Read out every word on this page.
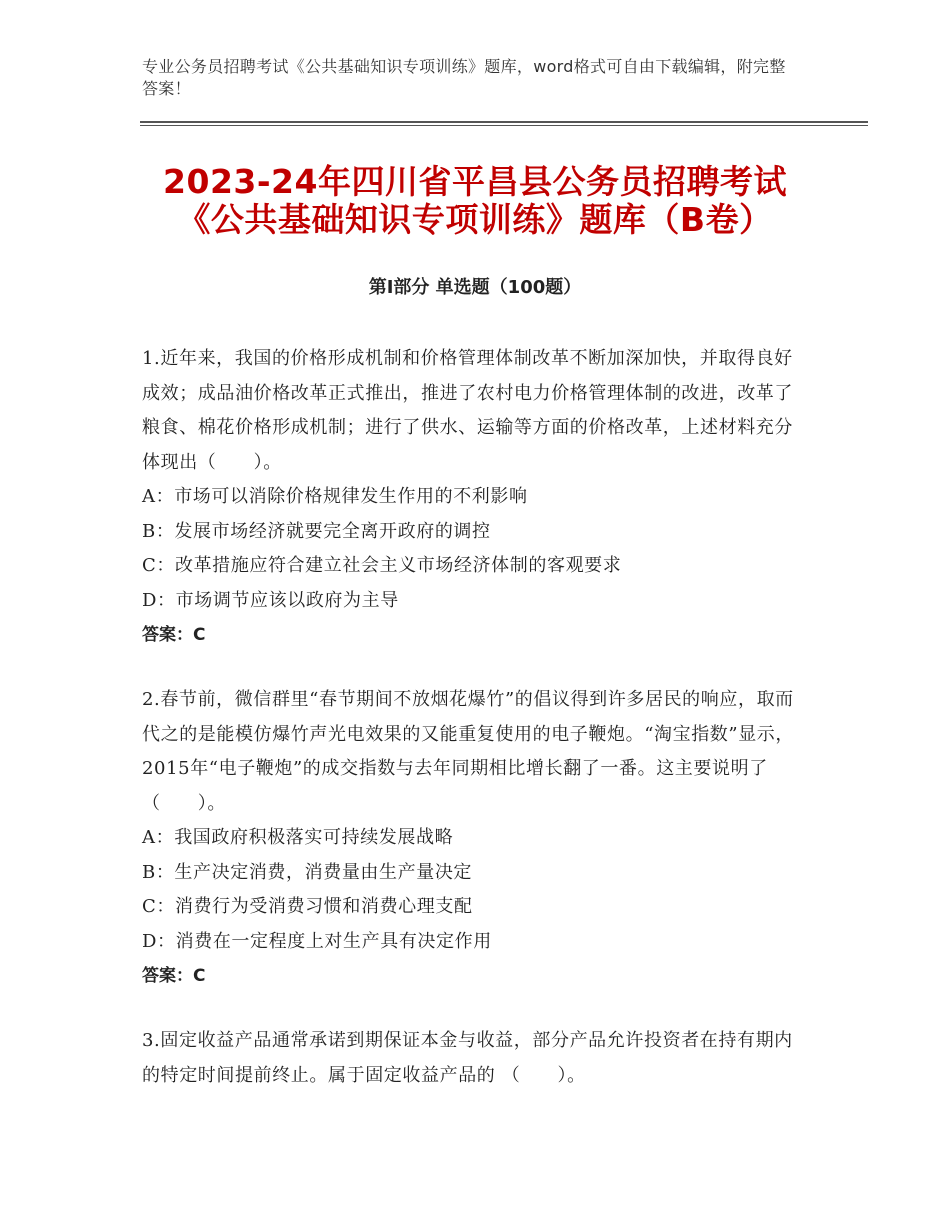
专业公务员招聘考试《公共基础知识专项训练》题库，word格式可自由下载编辑，附完整答案！
2023-24年四川省平昌县公务员招聘考试
《公共基础知识专项训练》题库（B卷）
第Ⅰ部分 单选题（100题）

1.近年来，我国的价格形成机制和价格管理体制改革不断加深加快，并取得良好成效；成品油价格改革正式推出，推进了农村电力价格管理体制的改进，改革了粮食、棉花价格形成机制；进行了供水、运输等方面的价格改革，上述材料充分体现出（　　）。

A：市场可以消除价格规律发生作用的不利影响

B：发展市场经济就要完全离开政府的调控

C：改革措施应符合建立社会主义市场经济体制的客观要求

D：市场调节应该以政府为主导

答案：C

2.春节前，微信群里“春节期间不放烟花爆竹”的倡议得到许多居民的响应，取而代之的是能模仿爆竹声光电效果的又能重复使用的电子鞭炮。“淘宝指数”显示，2015年“电子鞭炮”的成交指数与去年同期相比增长翻了一番。这主要说明了（　　）。

A：我国政府积极落实可持续发展战略

B：生产决定消费，消费量由生产量决定

C：消费行为受消费习惯和消费心理支配

D：消费在一定程度上对生产具有决定作用

答案：C

3.固定收益产品通常承诺到期保证本金与收益，部分产品允许投资者在持有期内的特定时间提前终止。属于固定收益产品的 （　　）。
